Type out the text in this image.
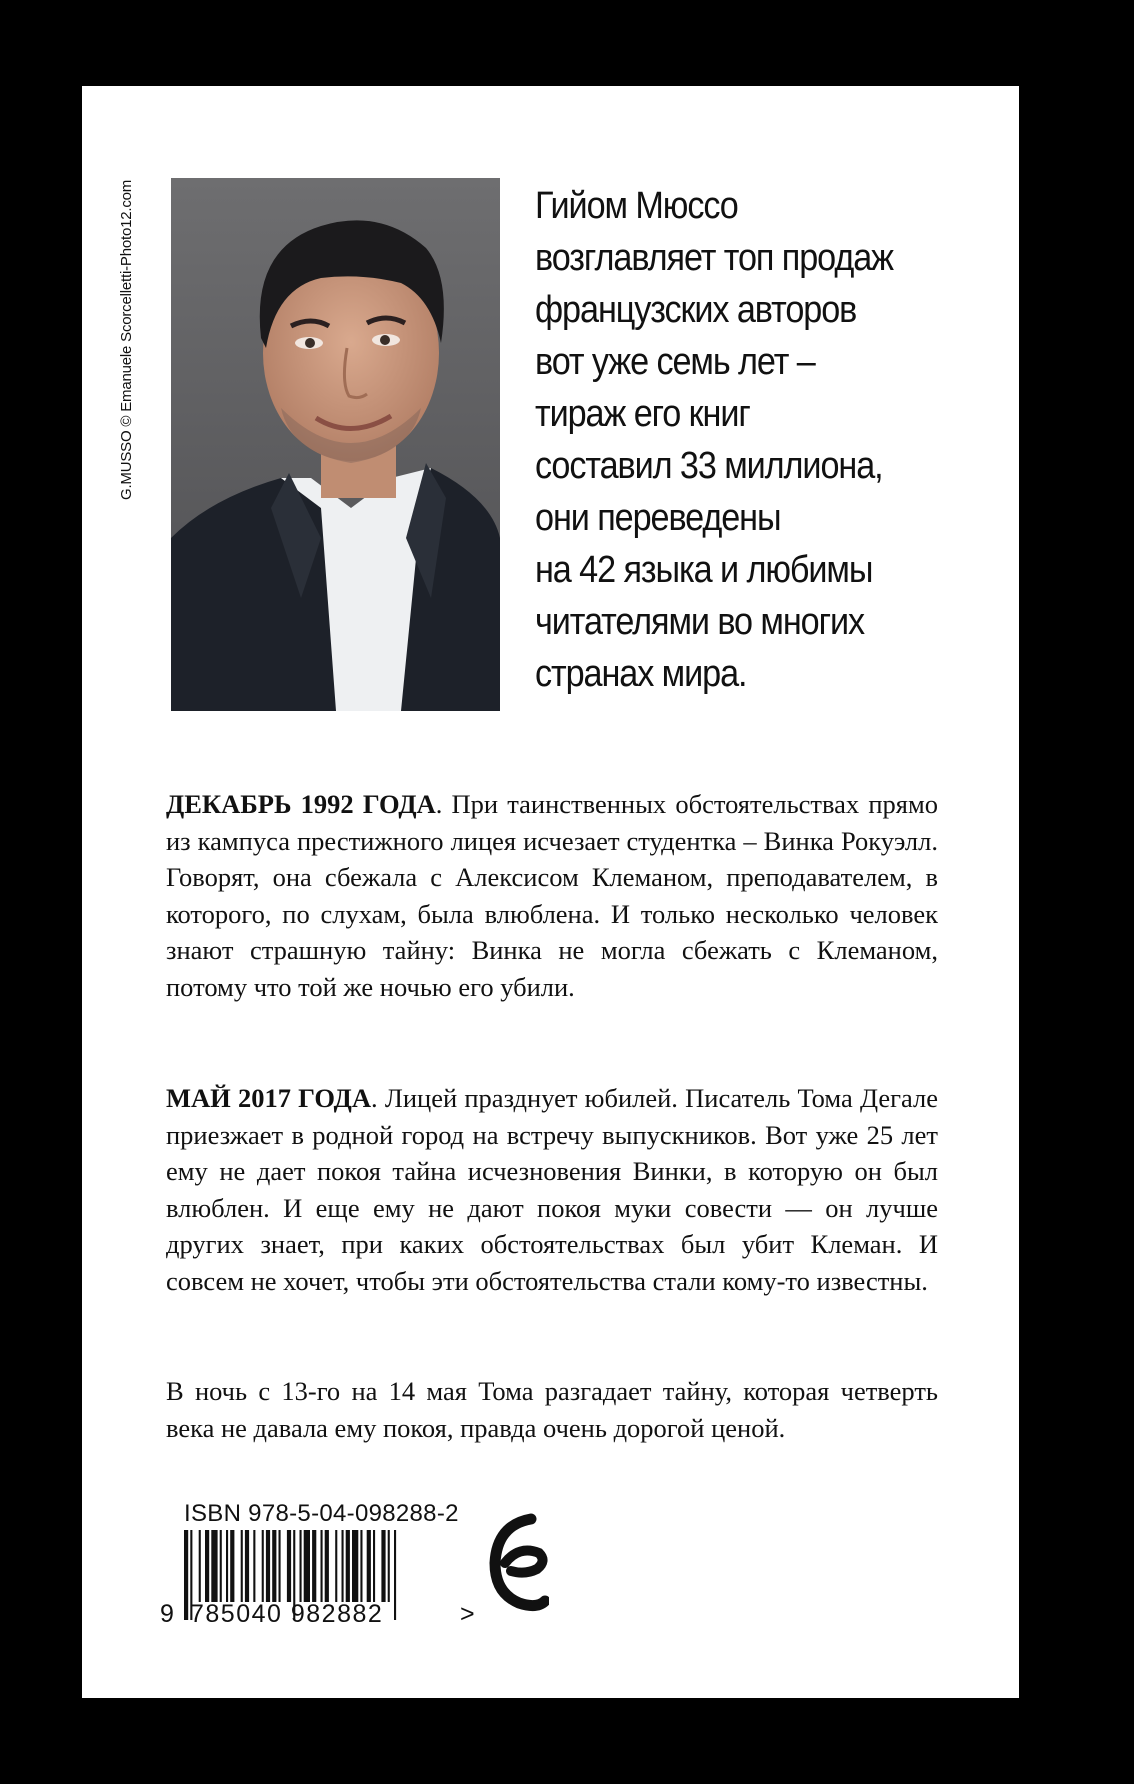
G.MUSSO © Emanuele Scorcelletti-Photo12.com	Гийом Мюссо
возглавляет топ продаж
французских авторов
вот уже семь лет –
тираж его книг
составил 33 миллиона,
они переведены
на 42 языка и любимы
читателями во многих
странах мира.
ДЕКАБРЬ 1992 ГОДА. При таинственных обстоятельствах прямо из кампуса престижного лицея исчезает студентка – Винка Рокуэлл. Говорят, она сбежала с Алексисом Клеманом, преподавателем, в которого, по слухам, была влюблена. И только несколько человек знают страшную тайну: Винка не могла сбежать с Клеманом, потому что той же ночью его убили.
МАЙ 2017 ГОДА. Лицей празднует юбилей. Писатель Тома Дегале приезжает в родной город на встречу выпускников. Вот уже 25 лет ему не дает покоя тайна исчезновения Винки, в которую он был влюблен. И еще ему не дают покоя муки совести — он лучше других знает, при каких обстоятельствах был убит Клеман. И совсем не хочет, чтобы эти обстоятельства стали кому-то известны.
В ночь с 13-го на 14 мая Тома разгадает тайну, которая четверть века не давала ему покоя, правда очень дорогой ценой.
ISBN 978-5-04-098288-2
9 785040 982882	>
